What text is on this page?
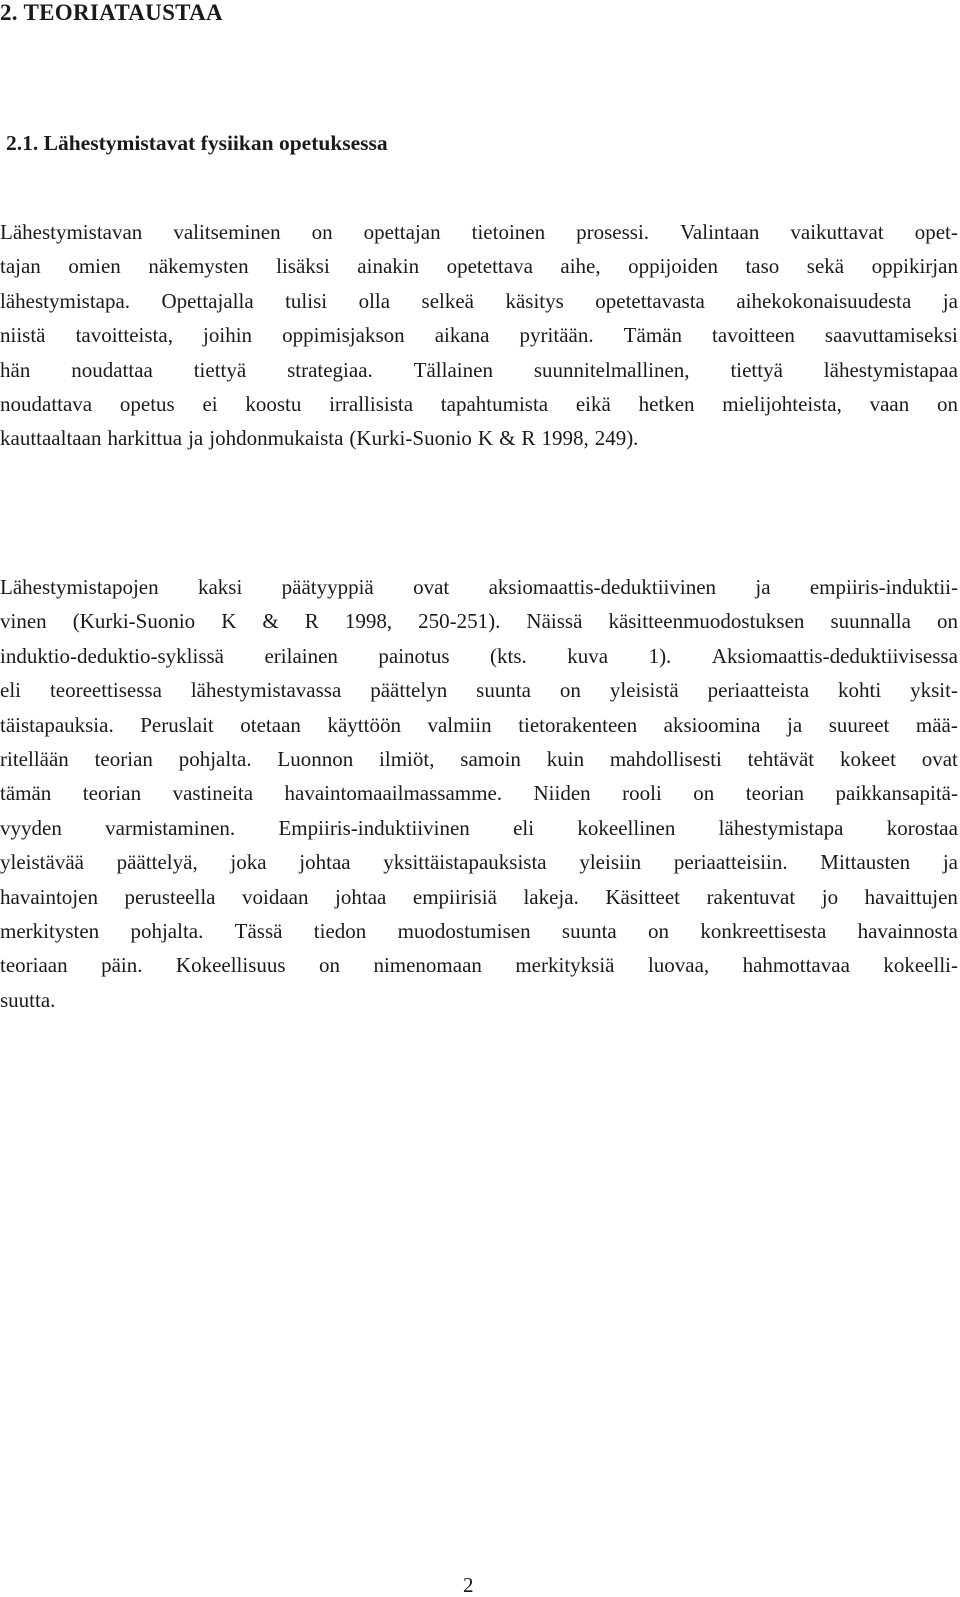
2. TEORIATAUSTAA
2.1. Lähestymistavat fysiikan opetuksessa
Lähestymistavan valitseminen on opettajan tietoinen prosessi. Valintaan vaikuttavat opet-
tajan omien näkemysten lisäksi ainakin opetettava aihe, oppijoiden taso sekä oppikirjan
lähestymistapa. Opettajalla tulisi olla selkeä käsitys opetettavasta aihekokonaisuudesta ja
niistä tavoitteista, joihin oppimisjakson aikana pyritään. Tämän tavoitteen saavuttamiseksi
hän noudattaa tiettyä strategiaa. Tällainen suunnitelmallinen, tiettyä lähestymistapaa
noudattava opetus ei koostu irrallisista tapahtumista eikä hetken mielijohteista, vaan on
kauttaaltaan harkittua ja johdonmukaista (Kurki-Suonio K & R 1998, 249).
Lähestymistapojen kaksi päätyyppiä ovat aksiomaattis-deduktiivinen ja empiiris-induktii-
vinen (Kurki-Suonio K & R 1998, 250-251). Näissä käsitteenmuodostuksen suunnalla on
induktio-deduktio-syklissä erilainen painotus (kts. kuva 1). Aksiomaattis-deduktiivisessa
eli teoreettisessa lähestymistavassa päättelyn suunta on yleisistä periaatteista kohti yksit-
täistapauksia. Peruslait otetaan käyttöön valmiin tietorakenteen aksioomina ja suureet mää-
ritellään teorian pohjalta. Luonnon ilmiöt, samoin kuin mahdollisesti tehtävät kokeet ovat
tämän teorian vastineita havaintomaailmassamme. Niiden rooli on teorian paikkansapitä-
vyyden varmistaminen. Empiiris-induktiivinen eli kokeellinen lähestymistapa korostaa
yleistävää päättelyä, joka johtaa yksittäistapauksista yleisiin periaatteisiin. Mittausten ja
havaintojen perusteella voidaan johtaa empiirisiä lakeja. Käsitteet rakentuvat jo havaittujen
merkitysten pohjalta. Tässä tiedon muodostumisen suunta on konkreettisesta havainnosta
teoriaan päin. Kokeellisuus on nimenomaan merkityksiä luovaa, hahmottavaa kokeelli-
suutta.
2
